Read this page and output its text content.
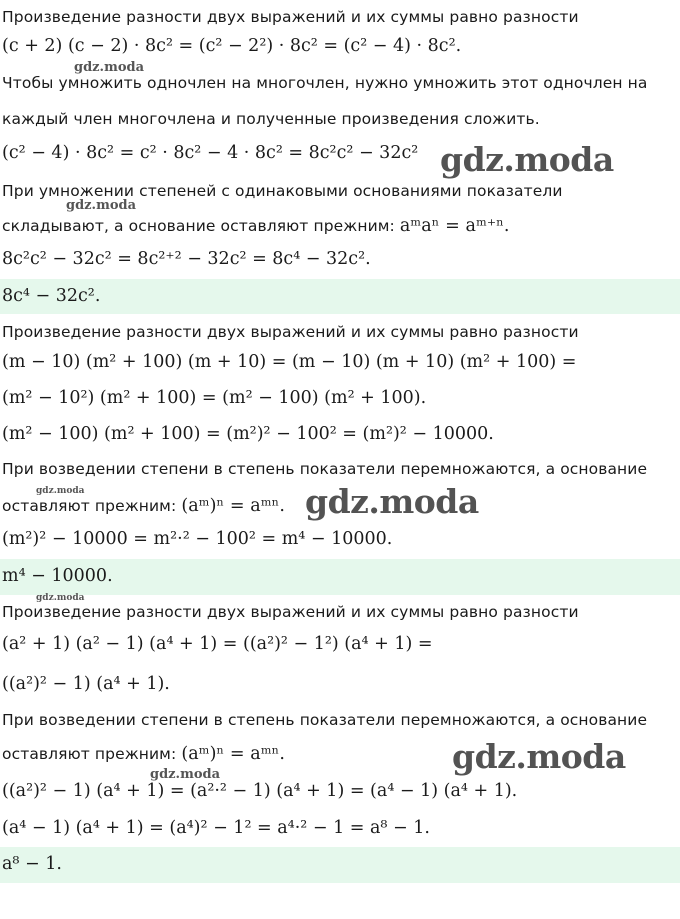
Произведение разности двух выражений и их суммы равно разности
(c + 2) (c − 2) · 8c² = (c² − 2²) · 8c² = (c² − 4) · 8c².
Чтобы умножить одночлен на многочлен, нужно умножить этот одночлен на
каждый член многочлена и полученные произведения сложить.
(c² − 4) · 8c² = c² · 8c² − 4 · 8c² = 8c²c² − 32c²
При умножении степеней с одинаковыми основаниями показатели
складывают, а основание оставляют прежним: aᵐaⁿ = aᵐ⁺ⁿ.
8c²c² − 32c² = 8c²⁺² − 32c² = 8c⁴ − 32c².
8c⁴ − 32c².
Произведение разности двух выражений и их суммы равно разности
(m − 10) (m² + 100) (m + 10) = (m − 10) (m + 10) (m² + 100) =
(m² − 10²) (m² + 100) = (m² − 100) (m² + 100).
(m² − 100) (m² + 100) = (m²)² − 100² = (m²)² − 10000.
При возведении степени в степень показатели перемножаются, а основание
оставляют прежним: (aᵐ)ⁿ = aᵐⁿ.
(m²)² − 10000 = m²·² − 100² = m⁴ − 10000.
m⁴ − 10000.
Произведение разности двух выражений и их суммы равно разности
(a² + 1) (a² − 1) (a⁴ + 1) = ((a²)² − 1²) (a⁴ + 1) =
((a²)² − 1) (a⁴ + 1).
При возведении степени в степень показатели перемножаются, а основание
оставляют прежним: (aᵐ)ⁿ = aᵐⁿ.
((a²)² − 1) (a⁴ + 1) = (a²·² − 1) (a⁴ + 1) = (a⁴ − 1) (a⁴ + 1).
(a⁴ − 1) (a⁴ + 1) = (a⁴)² − 1² = a⁴·² − 1 = a⁸ − 1.
a⁸ − 1.
gdz.moda
gdz.moda
gdz.moda
gdz.moda	gdz.moda
gdz.moda
gdz.moda
gdz.moda
